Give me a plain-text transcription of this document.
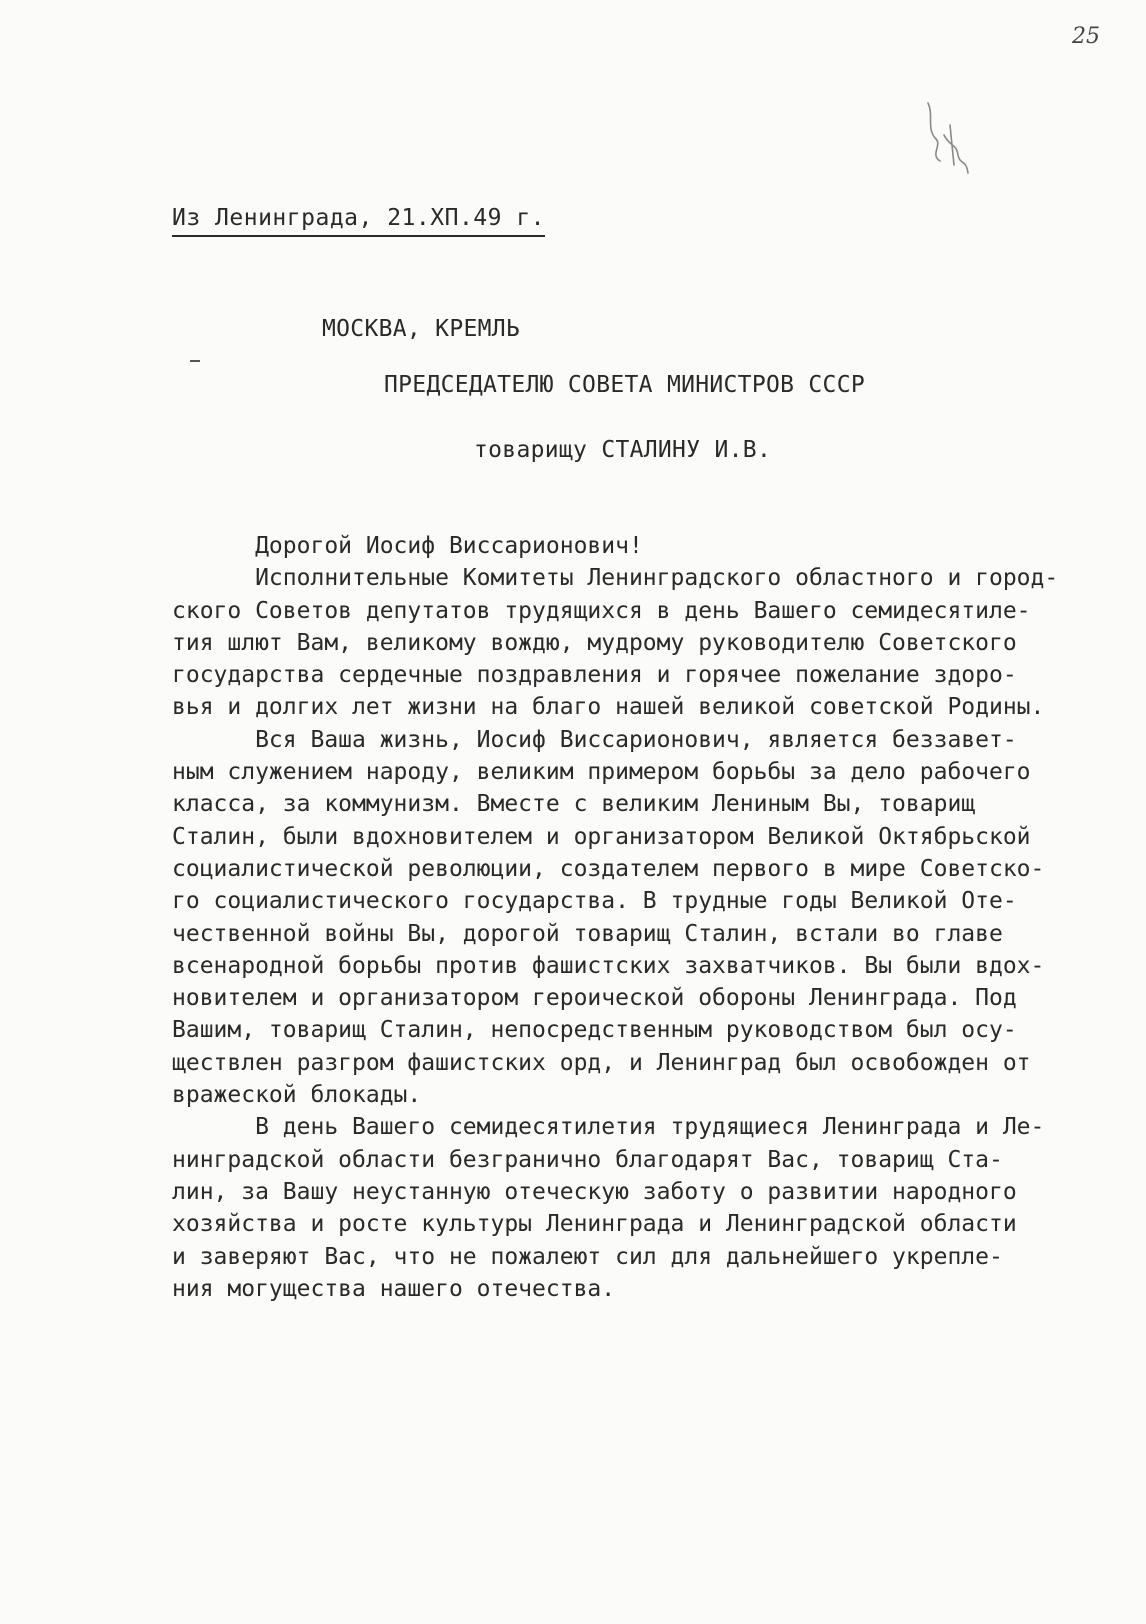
25
Из Ленинграда, 21.ХП.49 г.
МОСКВА, КРЕМЛЬ
ПРЕДСЕДАТЕЛЮ СОВЕТА МИНИСТРОВ СССР
товарищу СТАЛИНУ И.В.
Дорогой Иосиф Виссарионович!
Исполнительные Комитеты Ленинградского областного и город-
ского Советов депутатов трудящихся в день Вашего семидесятиле-
тия шлют Вам, великому вождю, мудрому руководителю Советского
государства сердечные поздравления и горячее пожелание здоро-
вья и долгих лет жизни на благо нашей великой советской Родины.
Вся Ваша жизнь, Иосиф Виссарионович, является беззавет-
ным служением народу, великим примером борьбы за дело рабочего
класса, за коммунизм. Вместе с великим Лениным Вы, товарищ
Сталин, были вдохновителем и организатором Великой Октябрьской
социалистической революции, создателем первого в мире Советско-
го социалистического государства. В трудные годы Великой Оте-
чественной войны Вы, дорогой товарищ Сталин, встали во главе
всенародной борьбы против фашистских захватчиков. Вы были вдох-
новителем и организатором героической обороны Ленинграда. Под
Вашим, товарищ Сталин, непосредственным руководством был осу-
ществлен разгром фашистских орд, и Ленинград был освобожден от
вражеской блокады.
В день Вашего семидесятилетия трудящиеся Ленинграда и Ле-
нинградской области безгранично благодарят Вас, товарищ Ста-
лин, за Вашу неустанную отеческую заботу о развитии народного
хозяйства и росте культуры Ленинграда и Ленинградской области
и заверяют Вас, что не пожалеют сил для дальнейшего укрепле-
ния могущества нашего отечества.
